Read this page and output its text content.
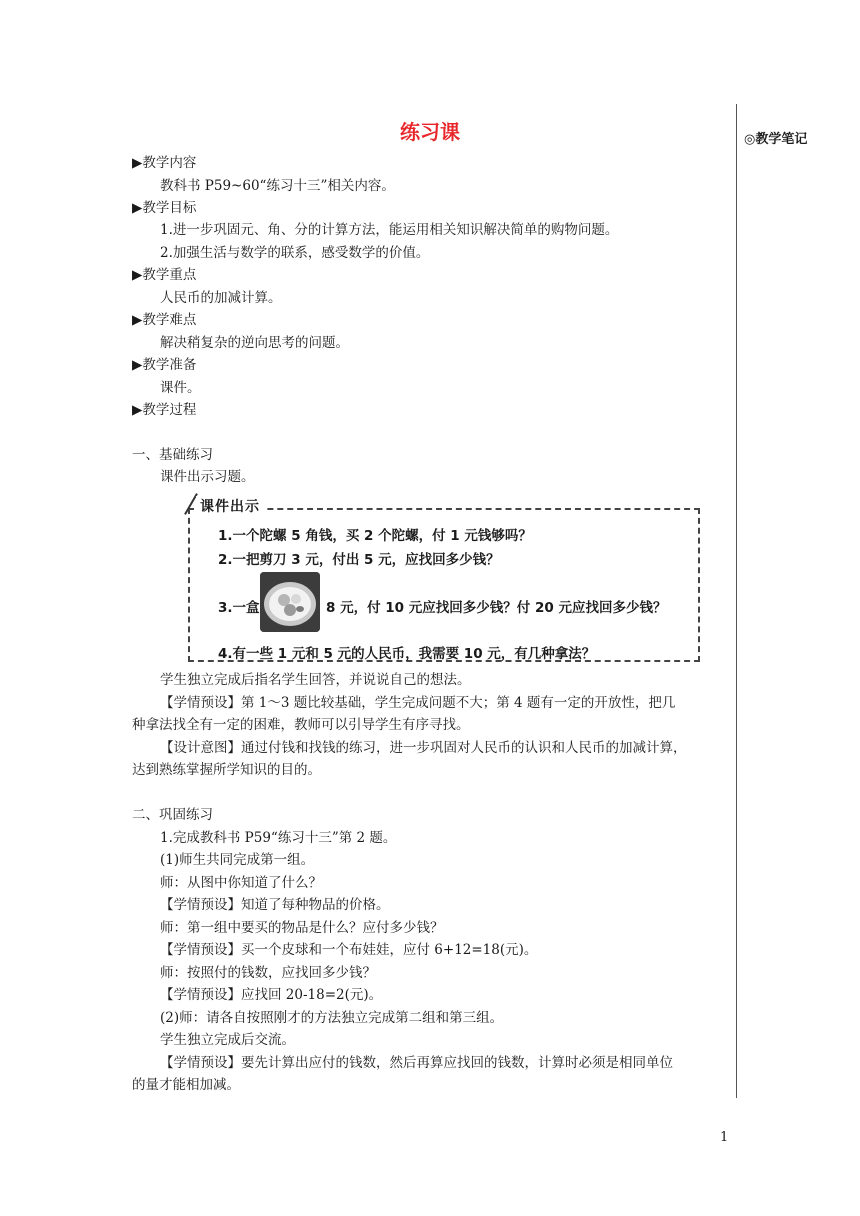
练习课	◎教学笔记
▶教学内容
教科书 P59~60“练习十三”相关内容。
▶教学目标
1.进一步巩固元、角、分的计算方法，能运用相关知识解决简单的购物问题。
2.加强生活与数学的联系，感受数学的价值。
▶教学重点
人民币的加减计算。
▶教学难点
解决稍复杂的逆向思考的问题。
▶教学准备
课件。
▶教学过程
一、基础练习
课件出示习题。
课件出示
1.一个陀螺 5 角钱，买 2 个陀螺，付 1 元钱够吗？
2.一把剪刀 3 元，付出 5 元，应找回多少钱？
3.一盒	8 元，付 10 元应找回多少钱？付 20 元应找回多少钱？
4.有一些 1 元和 5 元的人民币，我需要 10 元，有几种拿法？
学生独立完成后指名学生回答，并说说自己的想法。
【学情预设】第 1～3 题比较基础，学生完成问题不大；第 4 题有一定的开放性，把几
种拿法找全有一定的困难，教师可以引导学生有序寻找。
【设计意图】通过付钱和找钱的练习，进一步巩固对人民币的认识和人民币的加减计算，
达到熟练掌握所学知识的目的。
二、巩固练习
1.完成教科书 P59“练习十三”第 2 题。
(1)师生共同完成第一组。
师：从图中你知道了什么？
【学情预设】知道了每种物品的价格。
师：第一组中要买的物品是什么？应付多少钱？
【学情预设】买一个皮球和一个布娃娃，应付 6+12=18(元)。
师：按照付的钱数，应找回多少钱？
【学情预设】应找回 20-18=2(元)。
(2)师：请各自按照刚才的方法独立完成第二组和第三组。
学生独立完成后交流。
【学情预设】要先计算出应付的钱数，然后再算应找回的钱数，计算时必须是相同单位
的量才能相加减。
1
